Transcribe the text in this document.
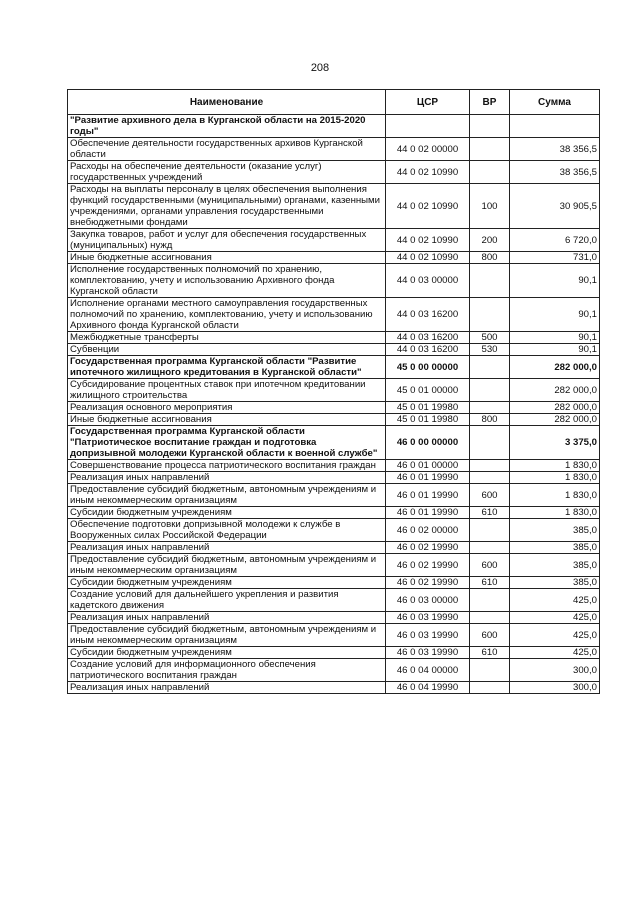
208
Наименование	ЦСР	ВР	Сумма
"Развитие архивного дела в Курганской области на 2015-2020 годы"			
Обеспечение деятельности государственных архивов Курганской области	44 0 02 00000		38 356,5
Расходы на обеспечение деятельности (оказание услуг) государственных учреждений	44 0 02 10990		38 356,5
Расходы на выплаты персоналу в целях обеспечения выполнения функций государственными (муниципальными) органами, казенными учреждениями, органами управления государственными внебюджетными фондами	44 0 02 10990	100	30 905,5
Закупка товаров, работ и услуг для обеспечения государственных (муниципальных) нужд	44 0 02 10990	200	6 720,0
Иные бюджетные ассигнования	44 0 02 10990	800	731,0
Исполнение государственных полномочий по хранению, комплектованию, учету и использованию Архивного фонда Курганской области	44 0 03 00000		90,1
Исполнение органами местного самоуправления государственных полномочий по хранению, комплектованию, учету и использованию Архивного фонда Курганской области	44 0 03 16200		90,1
Межбюджетные трансферты	44 0 03 16200	500	90,1
Субвенции	44 0 03 16200	530	90,1
Государственная программа Курганской области "Развитие ипотечного жилищного кредитования в Курганской области"	45 0 00 00000		282 000,0
Субсидирование процентных ставок при ипотечном кредитовании жилищного строительства	45 0 01 00000		282 000,0
Реализация основного мероприятия	45 0 01 19980		282 000,0
Иные бюджетные ассигнования	45 0 01 19980	800	282 000,0
Государственная программа Курганской области "Патриотическое воспитание граждан и подготовка допризывной молодежи Курганской области к военной службе"	46 0 00 00000		3 375,0
Совершенствование процесса патриотического воспитания граждан	46 0 01 00000		1 830,0
Реализация иных направлений	46 0 01 19990		1 830,0
Предоставление субсидий бюджетным, автономным учреждениям и иным некоммерческим организациям	46 0 01 19990	600	1 830,0
Субсидии бюджетным учреждениям	46 0 01 19990	610	1 830,0
Обеспечение подготовки допризывной молодежи к службе в Вооруженных силах Российской Федерации	46 0 02 00000		385,0
Реализация иных направлений	46 0 02 19990		385,0
Предоставление субсидий бюджетным, автономным учреждениям и иным некоммерческим организациям	46 0 02 19990	600	385,0
Субсидии бюджетным учреждениям	46 0 02 19990	610	385,0
Создание условий для дальнейшего укрепления и развития кадетского движения	46 0 03 00000		425,0
Реализация иных направлений	46 0 03 19990		425,0
Предоставление субсидий бюджетным, автономным учреждениям и иным некоммерческим организациям	46 0 03 19990	600	425,0
Субсидии бюджетным учреждениям	46 0 03 19990	610	425,0
Создание условий для информационного обеспечения патриотического воспитания граждан	46 0 04 00000		300,0
Реализация иных направлений	46 0 04 19990		300,0
